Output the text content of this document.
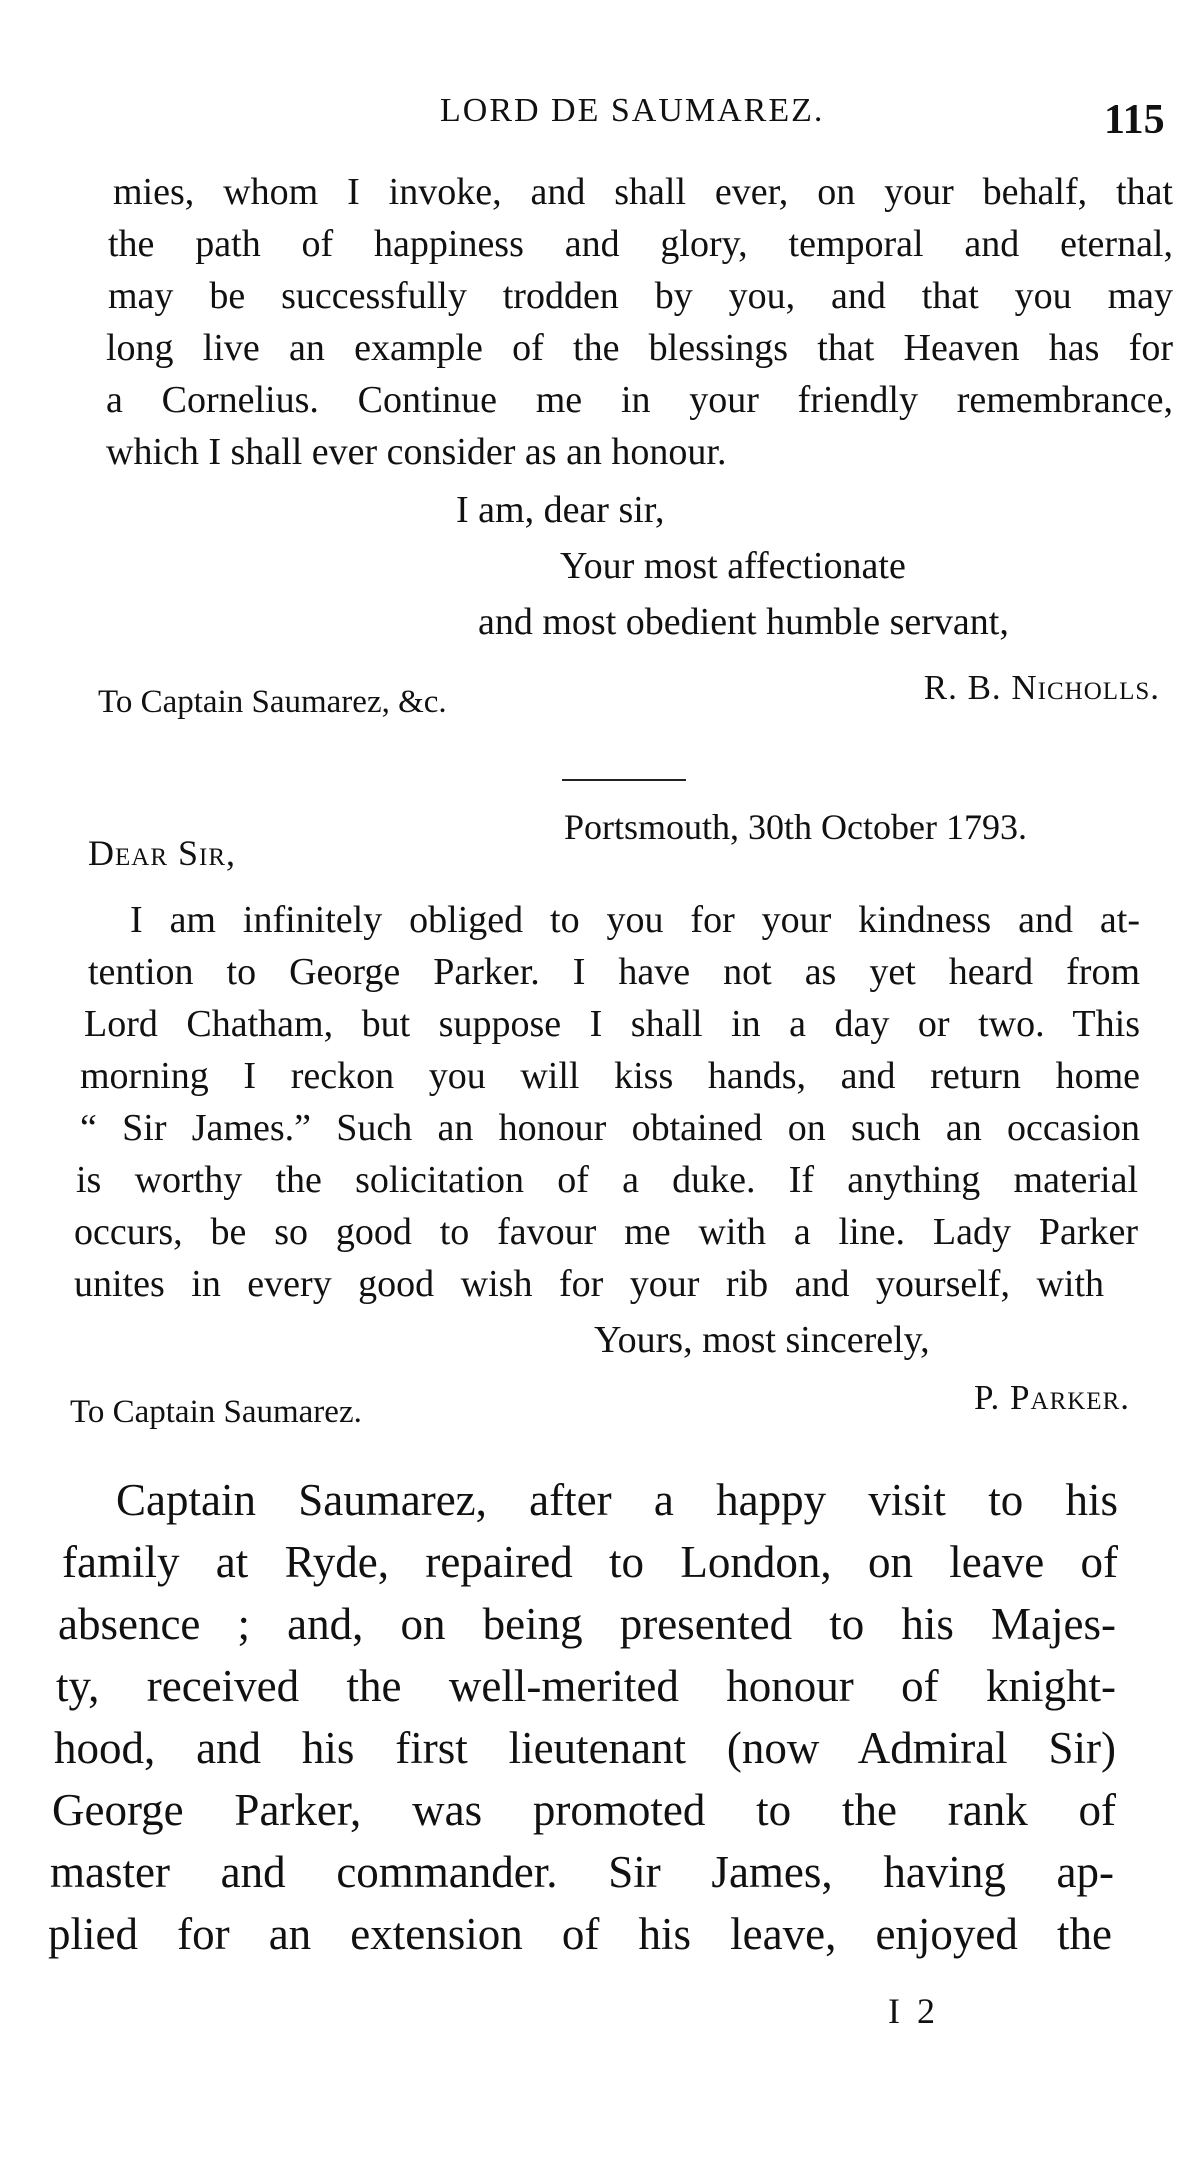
LORD DE SAUMAREZ.	115
mies, whom I invoke, and shall ever, on your behalf, that
the path of happiness and glory, temporal and eternal,
may be successfully trodden by you, and that you may
long live an example of the blessings that Heaven has for
a Cornelius. Continue me in your friendly remembrance,
which I shall ever consider as an honour.
I am, dear sir,
Your most affectionate
and most obedient humble servant,
To Captain Saumarez, &c.	R. B. Nicholls.
Portsmouth, 30th October 1793.
Dear Sir,
I am infinitely obliged to you for your kindness and at-
tention to George Parker. I have not as yet heard from
Lord Chatham, but suppose I shall in a day or two. This
morning I reckon you will kiss hands, and return home
“ Sir James.” Such an honour obtained on such an occasion
is worthy the solicitation of a duke. If anything material
occurs, be so good to favour me with a line. Lady Parker
unites in every good wish for your rib and yourself, with
Yours, most sincerely,
To Captain Saumarez.	P. Parker.
Captain Saumarez, after a happy visit to his
family at Ryde, repaired to London, on leave of
absence ; and, on being presented to his Majes-
ty, received the well-merited honour of knight-
hood, and his first lieutenant (now Admiral Sir)
George Parker, was promoted to the rank of
master and commander. Sir James, having ap-
plied for an extension of his leave, enjoyed the
I 2
